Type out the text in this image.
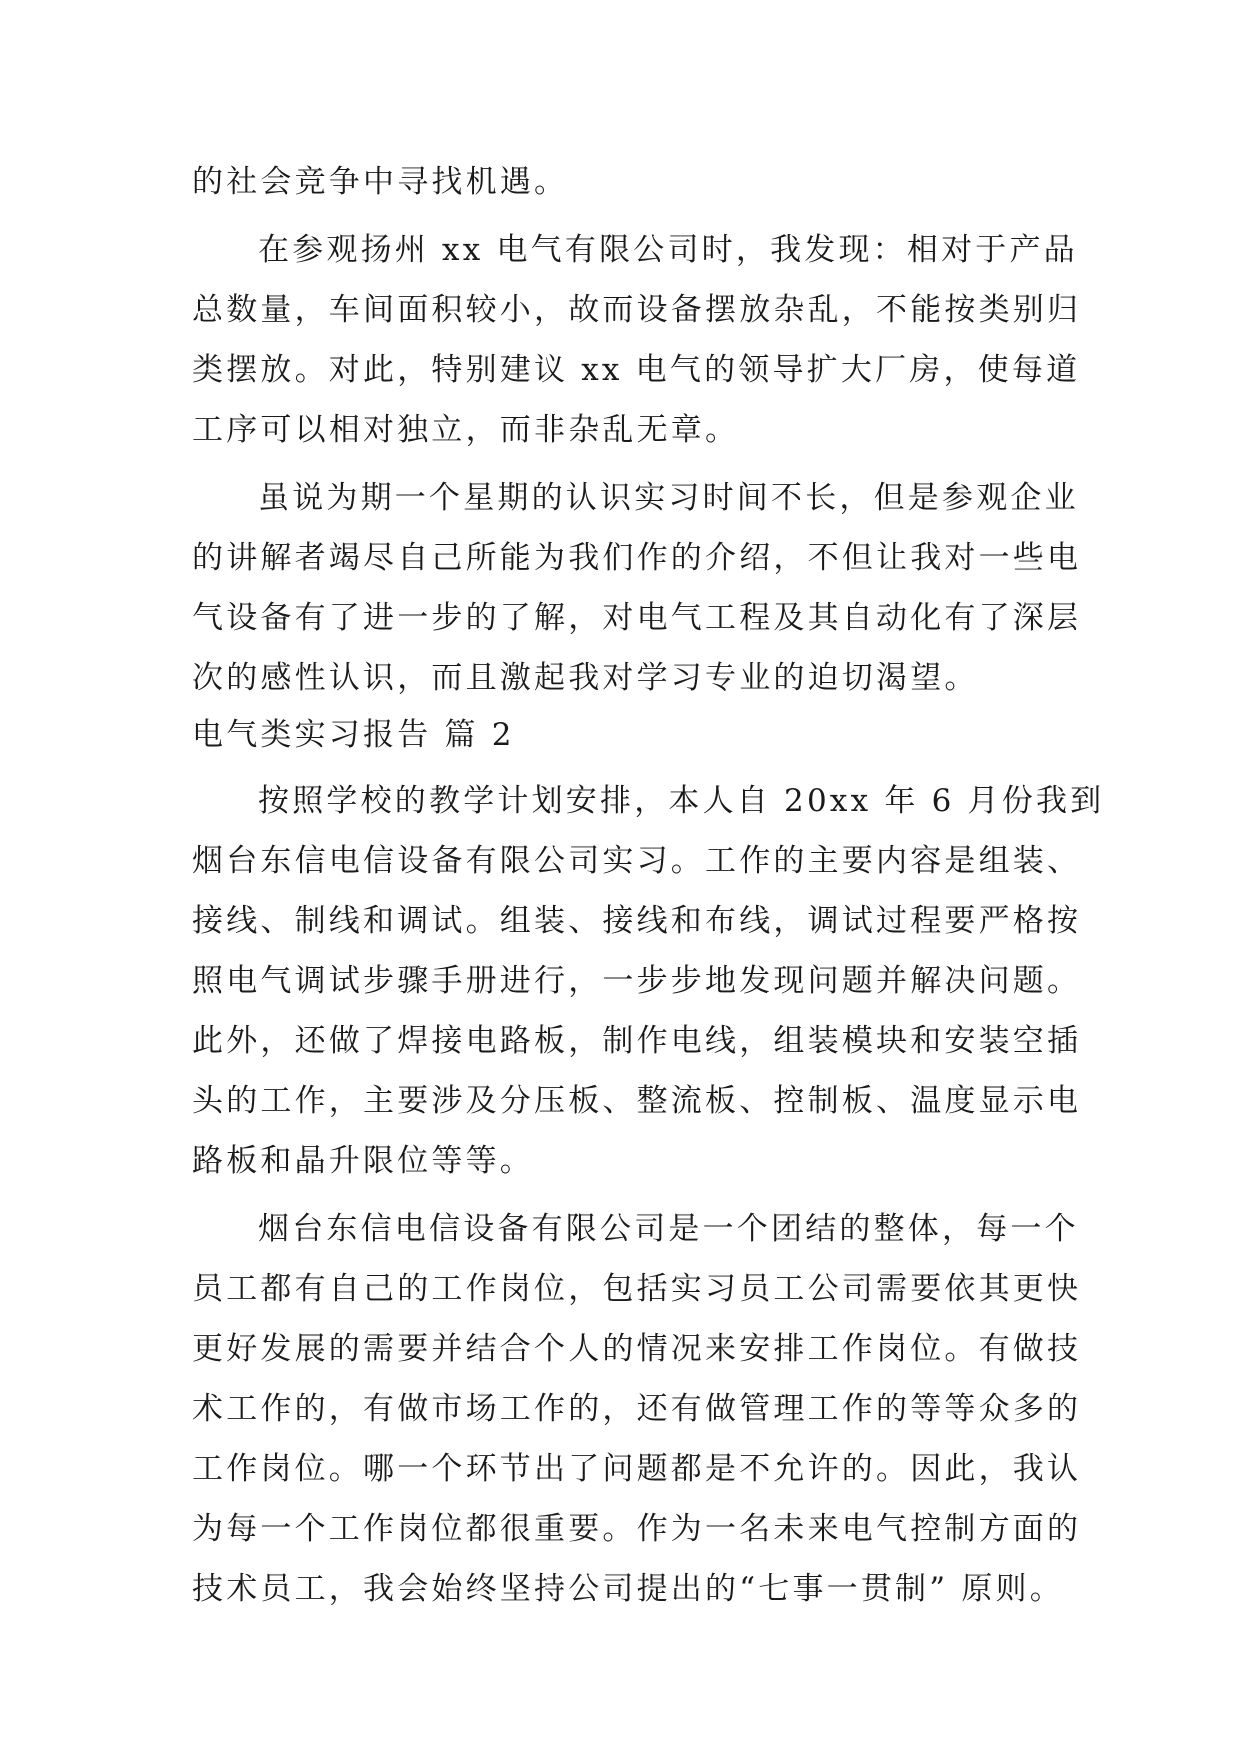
的社会竞争中寻找机遇。
在参观扬州 xx 电气有限公司时，我发现：相对于产品
总数量，车间面积较小，故而设备摆放杂乱，不能按类别归
类摆放。对此，特别建议 xx 电气的领导扩大厂房，使每道
工序可以相对独立，而非杂乱无章。
虽说为期一个星期的认识实习时间不长，但是参观企业
的讲解者竭尽自己所能为我们作的介绍，不但让我对一些电
气设备有了进一步的了解，对电气工程及其自动化有了深层
次的感性认识，而且激起我对学习专业的迫切渴望。
电气类实习报告 篇 2
按照学校的教学计划安排，本人自 20xx 年 6 月份我到
烟台东信电信设备有限公司实习。工作的主要内容是组装、
接线、制线和调试。组装、接线和布线，调试过程要严格按
照电气调试步骤手册进行，一步步地发现问题并解决问题。
此外，还做了焊接电路板，制作电线，组装模块和安装空插
头的工作，主要涉及分压板、整流板、控制板、温度显示电
路板和晶升限位等等。
烟台东信电信设备有限公司是一个团结的整体，每一个
员工都有自己的工作岗位，包括实习员工公司需要依其更快
更好发展的需要并结合个人的情况来安排工作岗位。有做技
术工作的，有做市场工作的，还有做管理工作的等等众多的
工作岗位。哪一个环节出了问题都是不允许的。因此，我认
为每一个工作岗位都很重要。作为一名未来电气控制方面的
技术员工，我会始终坚持公司提出的“七事一贯制” 原则。
